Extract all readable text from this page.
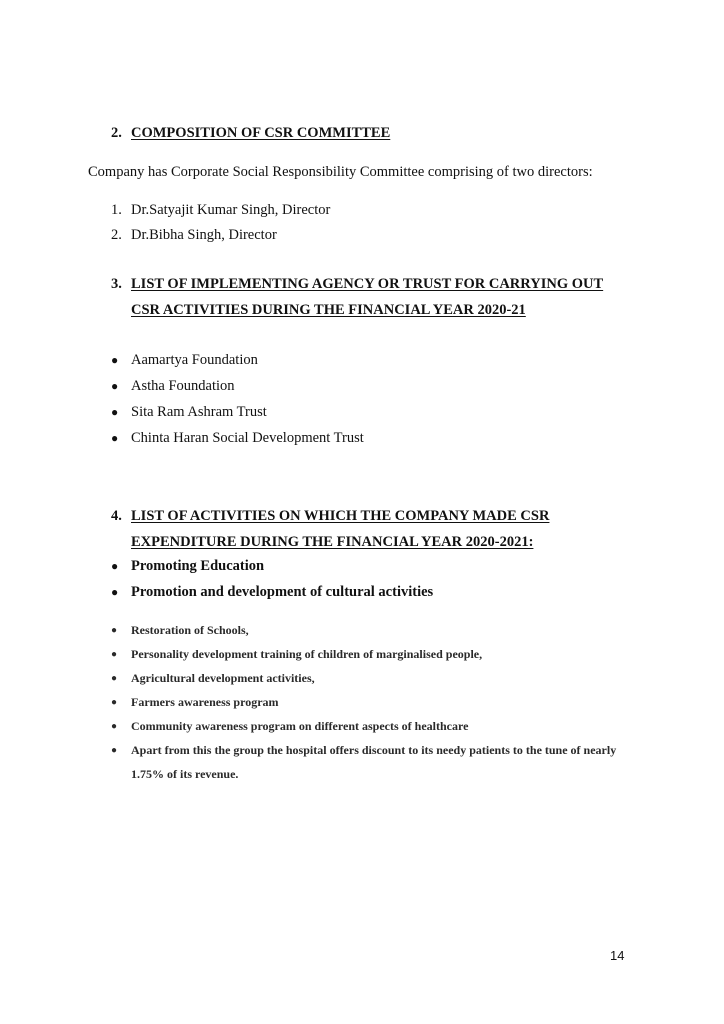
2. COMPOSITION OF CSR COMMITTEE
Company has Corporate Social Responsibility Committee comprising of two directors:
1. Dr.Satyajit Kumar Singh, Director
2. Dr.Bibha Singh, Director
3. LIST OF IMPLEMENTING AGENCY OR TRUST FOR CARRYING OUT
CSR ACTIVITIES DURING THE FINANCIAL YEAR 2020-21
● Aamartya Foundation
● Astha Foundation
● Sita Ram Ashram Trust
● Chinta Haran Social Development Trust
4. LIST OF ACTIVITIES ON WHICH THE COMPANY MADE CSR
EXPENDITURE DURING THE FINANCIAL YEAR 2020-2021:
● Promoting Education
● Promotion and development of cultural activities
● Restoration of Schools,
● Personality development training of children of marginalised people,
● Agricultural development activities,
● Farmers awareness program
● Community awareness program on different aspects of healthcare
● Apart from this the group the hospital offers discount to its needy patients to the tune of nearly 1.75% of its revenue.
14
